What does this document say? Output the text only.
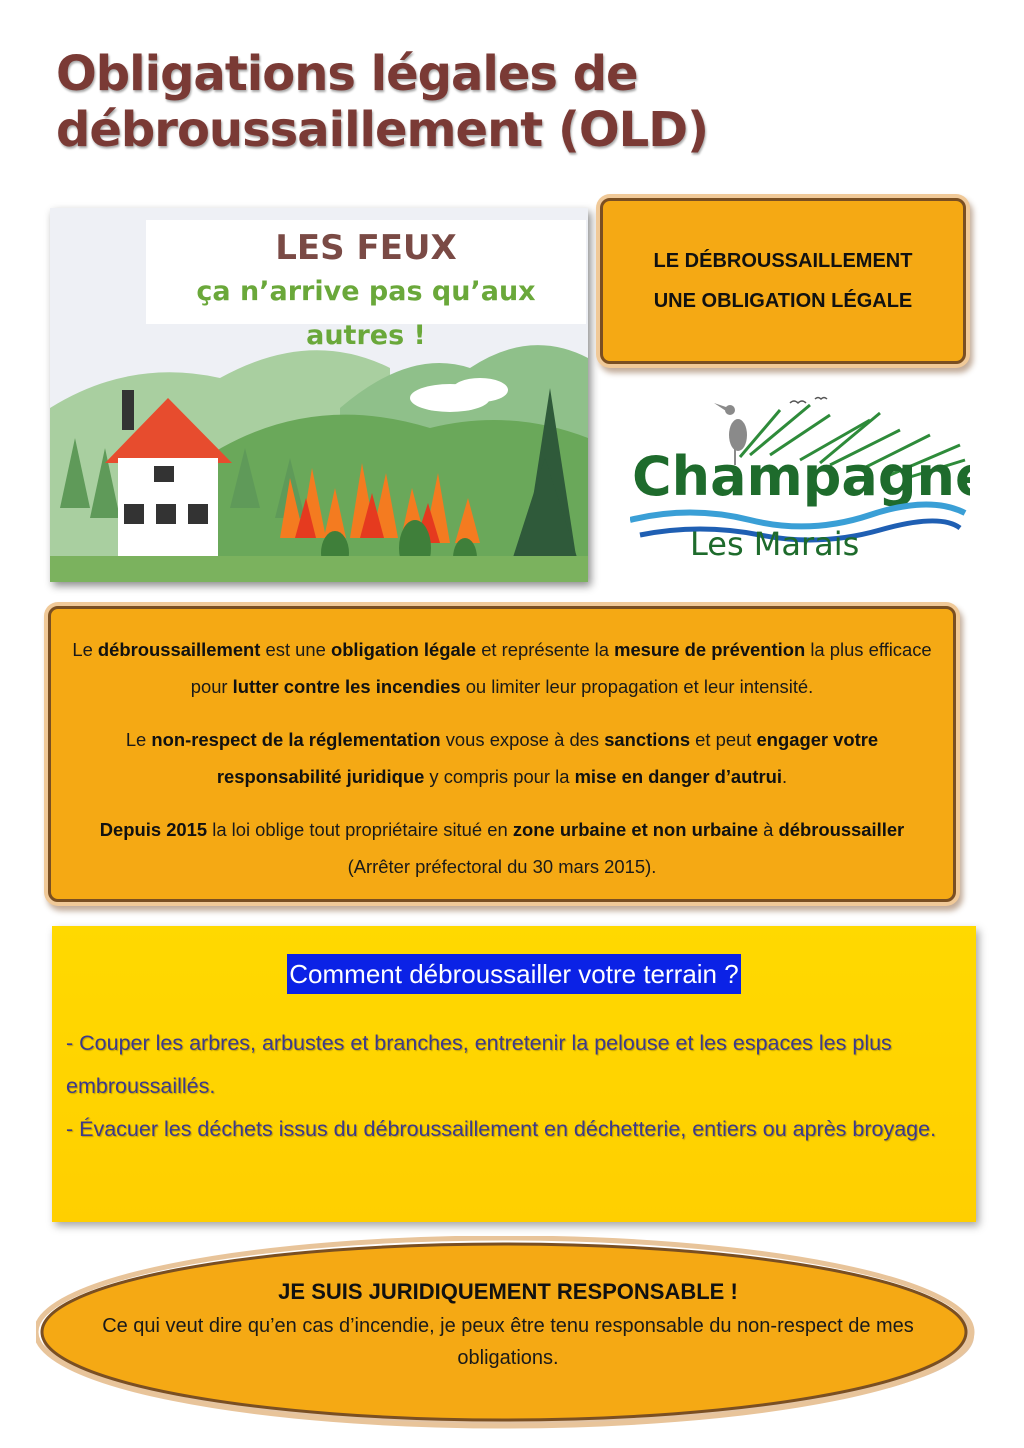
Obligations légales de
débroussaillement (OLD)
LES FEUX
ça n’arrive pas qu’aux autres !
LE DÉBROUSSAILLEMENT
UNE OBLIGATION LÉGALE
Champagné
Les Marais

Le débroussaillement est une obligation légale et représente la mesure de prévention la plus efficace pour lutter contre les incendies ou limiter leur propagation et leur intensité.

Le non-respect de la réglementation vous expose à des sanctions et peut engager votre responsabilité juridique y compris pour la mise en danger d’autrui.

Depuis 2015 la loi oblige tout propriétaire situé en zone urbaine et non urbaine à débroussailler (Arrêter préfectoral du 30 mars 2015).

Comment débroussailler votre terrain ?
- Couper les arbres, arbustes et branches, entretenir la pelouse et les espaces les plus embroussaillés.
- Évacuer les déchets issus du débroussaillement en déchetterie, entiers ou après broyage.
JE SUIS JURIDIQUEMENT RESPONSABLE !
Ce qui veut dire qu’en cas d’incendie, je peux être tenu responsable du non-respect de mes obligations.
